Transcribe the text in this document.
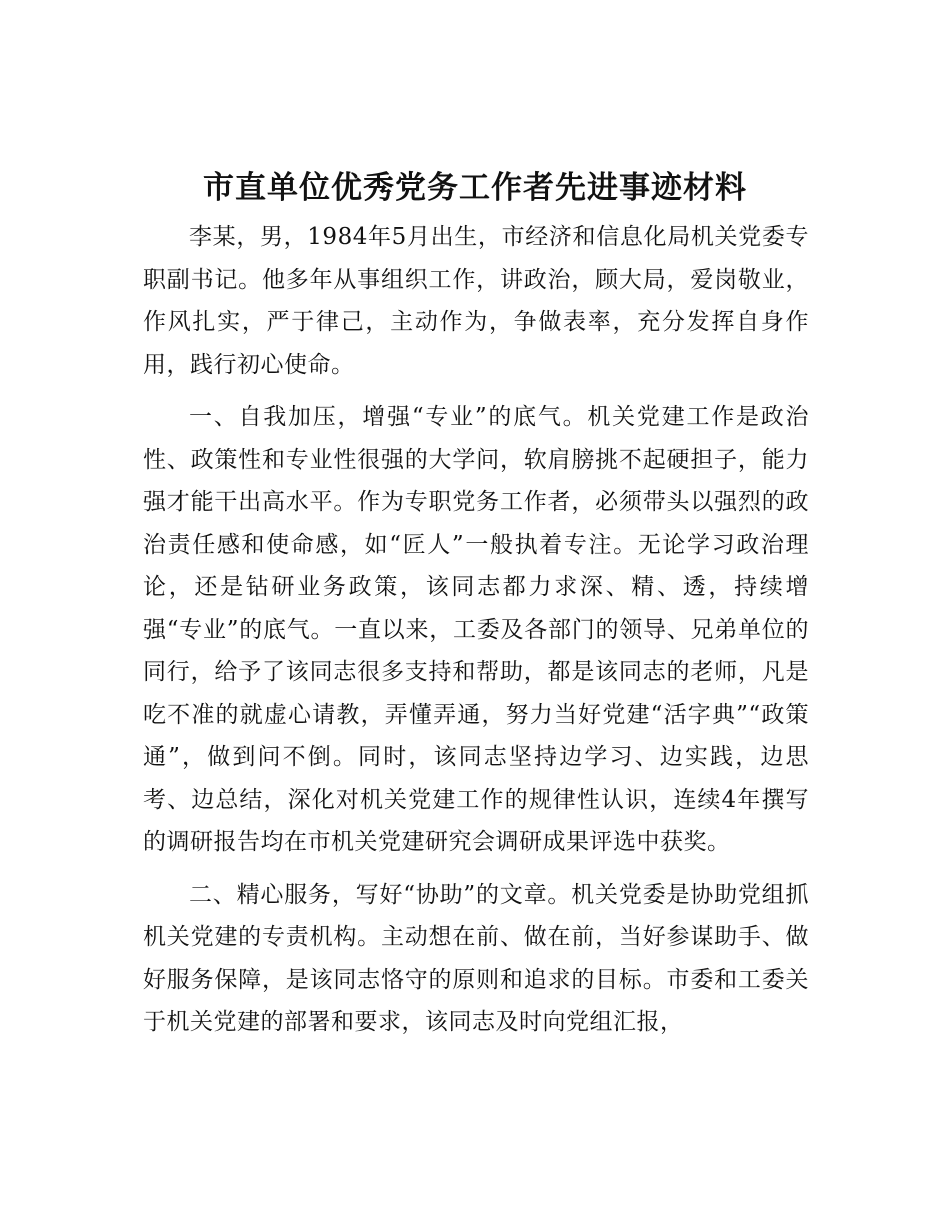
市直单位优秀党务工作者先进事迹材料

李某，男，1984年5月出生，市经济和信息化局机关党委专职副书记。他多年从事组织工作，讲政治，顾大局，爱岗敬业，作风扎实，严于律己，主动作为，争做表率，充分发挥自身作用，践行初心使命。

一、自我加压，增强“专业”的底气。机关党建工作是政治性、政策性和专业性很强的大学问，软肩膀挑不起硬担子，能力强才能干出高水平。作为专职党务工作者，必须带头以强烈的政治责任感和使命感，如“匠人”一般执着专注。无论学习政治理论，还是钻研业务政策，该同志都力求深、精、透，持续增强“专业”的底气。一直以来，工委及各部门的领导、兄弟单位的同行，给予了该同志很多支持和帮助，都是该同志的老师，凡是吃不准的就虚心请教，弄懂弄通，努力当好党建“活字典”“政策通”，做到问不倒。同时，该同志坚持边学习、边实践，边思考、边总结，深化对机关党建工作的规律性认识，连续4年撰写的调研报告均在市机关党建研究会调研成果评选中获奖。

二、精心服务，写好“协助”的文章。机关党委是协助党组抓机关党建的专责机构。主动想在前、做在前，当好参谋助手、做好服务保障，是该同志恪守的原则和追求的目标。市委和工委关于机关党建的部署和要求，该同志及时向党组汇报，
